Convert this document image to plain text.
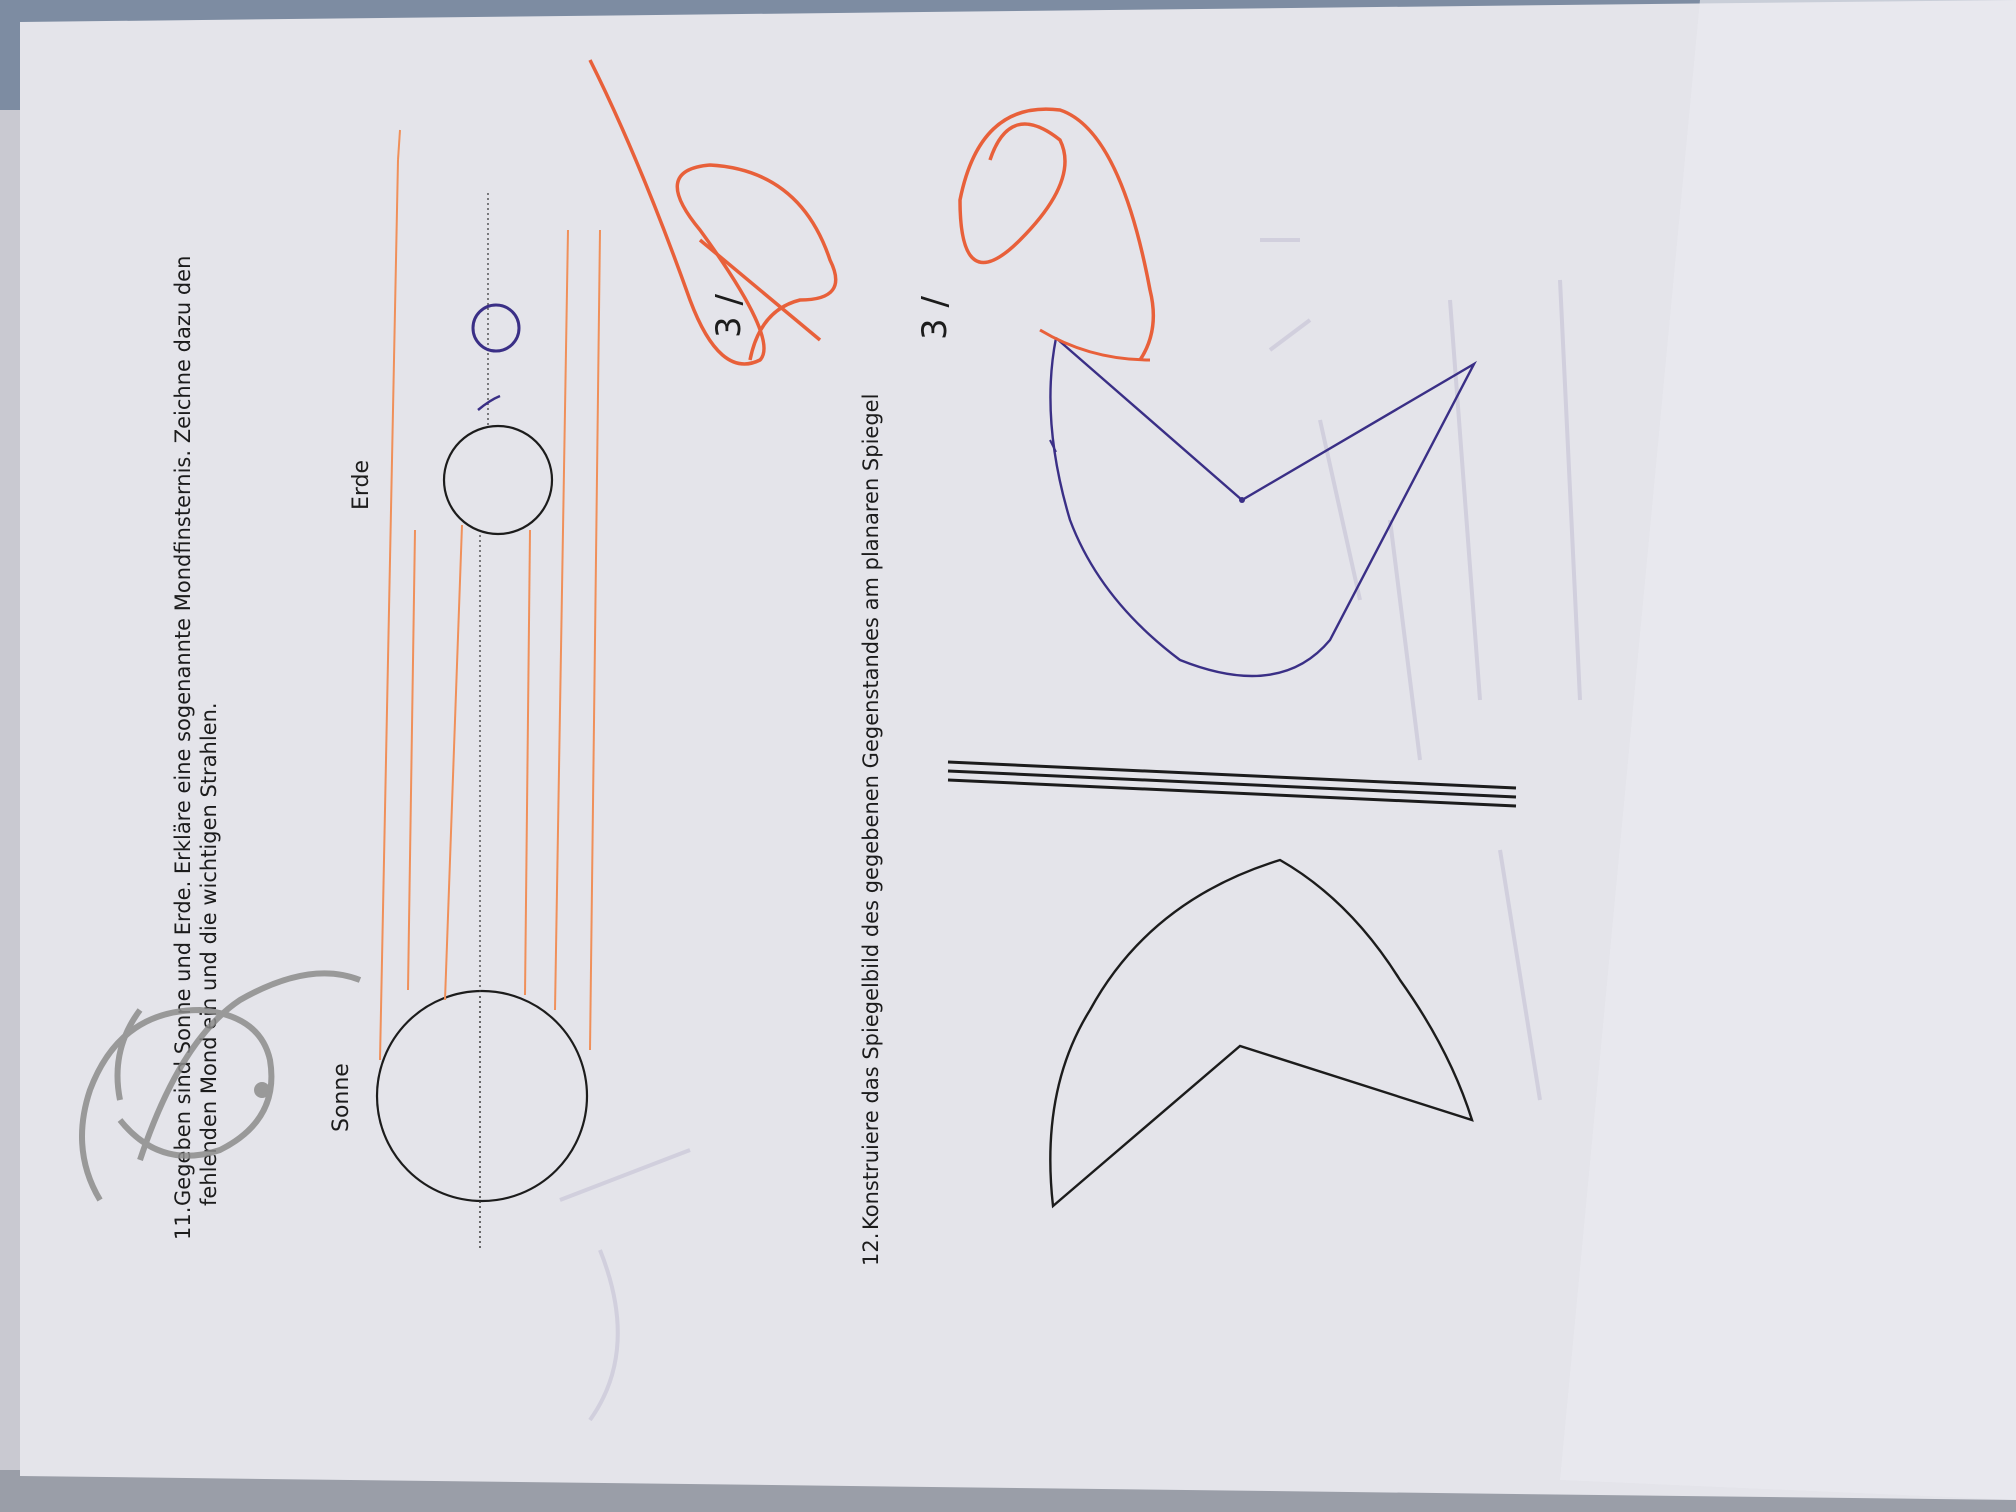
11.
Gegeben sind Sonne und Erde. Erkläre eine sogenannte Mondfinsternis. Zeichne dazu den fehlenden Mond ein und die wichtigen Strahlen.	Sonne
Erde
3 /
12.
Konstruiere das Spiegelbild des gegebenen Gegenstandes am planaren Spiegel
3 /
